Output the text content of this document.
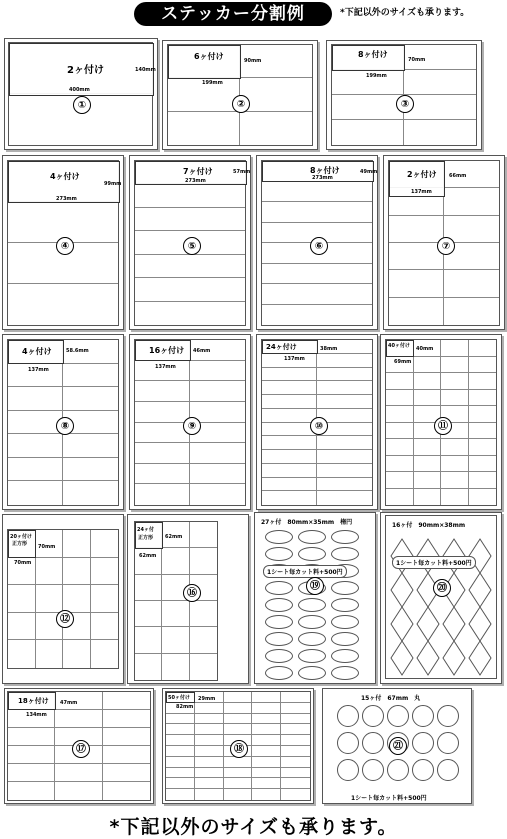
ステッカー分割例	*下記以外のサイズも承ります。
2ヶ付け	140mm
400mm
①
6ヶ付け	90mm
199mm
②
8ヶ付け
70mm
199mm
③
4ヶ付け
99mm
273mm
④
7ヶ付け	57mm
273mm
⑤
8ヶ付け	49mm
273mm
⑥
2ヶ付け 66mm
137mm
⑦
4ヶ付け	58.6mm
137mm
⑧
16ヶ付け 46mm
137mm
⑨
24ヶ付け	38mm
137mm
⑩
40ヶ付け 40mm
69mm
⑪
20ヶ付け
正方形 70mm
70mm
⑫
24ヶ付
正方形 62mm
62mm
⑯
27ヶ付　80mm×35mm　楕円
1シート毎カット料+500円
⑲
16ヶ付　90mm×38mm
1シート毎カット料+500円
⑳
18ヶ付け 47mm
134mm
⑰
50ヶ付け 29mm
82mm
⑱
15ヶ付　67mm　丸
㉑
1シート毎カット料+500円
*下記以外のサイズも承ります。
